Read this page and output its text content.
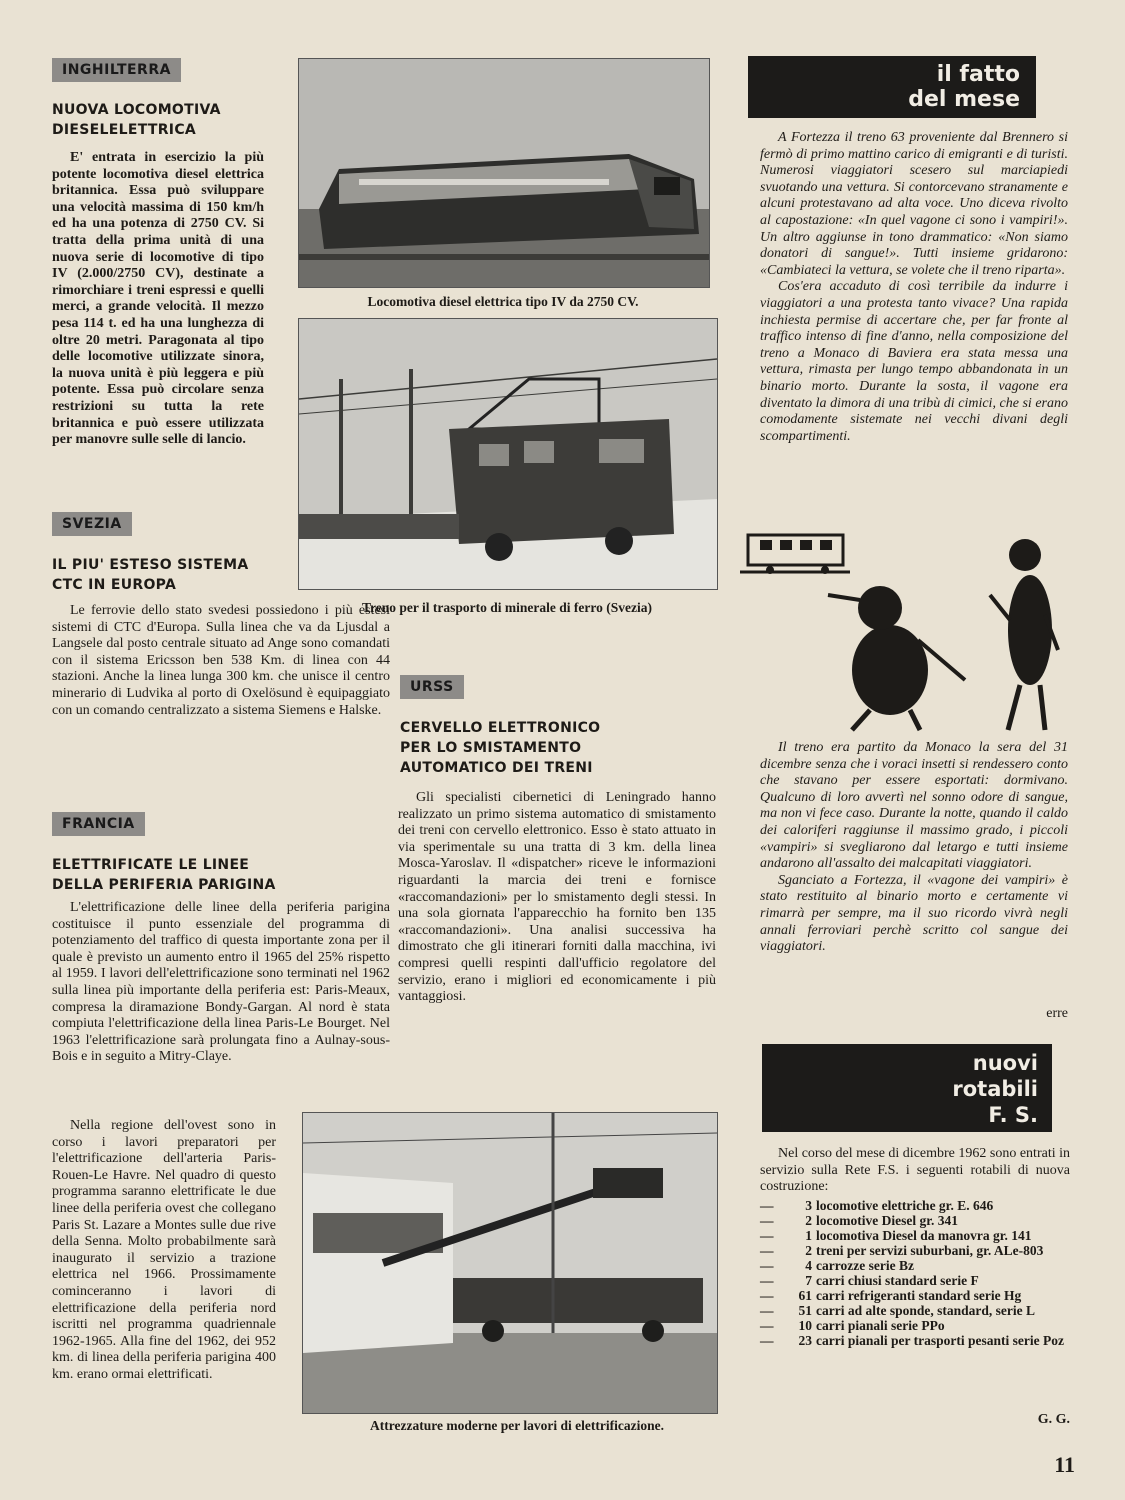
INGHILTERRA
NUOVA LOCOMOTIVA DIESELELETTRICA

E' entrata in esercizio la più potente locomotiva diesel elettrica britannica. Essa può sviluppare una velocità massima di 150 km/h ed ha una potenza di 2750 CV. Si tratta della prima unità di una nuova serie di locomotive di tipo IV (2.000/2750 CV), destinate a rimorchiare i treni espressi e quelli merci, a grande velocità. Il mezzo pesa 114 t. ed ha una lunghezza di oltre 20 metri. Paragonata al tipo delle locomotive utilizzate sinora, la nuova unità è più leggera e più potente. Essa può circolare senza restrizioni su tutta la rete britannica e può essere utilizzata per manovre sulle selle di lancio.

Locomotiva diesel elettrica tipo IV da 2750 CV.
Treno per il trasporto di minerale di ferro (Svezia)
SVEZIA
IL PIU' ESTESO SISTEMA CTC IN EUROPA

Le ferrovie dello stato svedesi possiedono i più estesi sistemi di CTC d'Europa. Sulla linea che va da Ljusdal a Langsele dal posto centrale situato ad Ange sono comandati con il sistema Ericsson ben 538 Km. di linea con 44 stazioni. Anche la linea lunga 300 km. che unisce il centro minerario di Ludvika al porto di Oxelösund è equipaggiato con un comando centralizzato a sistema Siemens e Halske.

FRANCIA
ELETTRIFICATE LE LINEE DELLA PERIFERIA PARIGINA

L'elettrificazione delle linee della periferia parigina costituisce il punto essenziale del programma di potenziamento del traffico di questa importante zona per il quale è previsto un aumento entro il 1965 del 25% rispetto al 1959. I lavori dell'elettrificazione sono terminati nel 1962 sulla linea più importante della periferia est: Paris-Meaux, compresa la diramazione Bondy-Gargan. Al nord è stata compiuta l'elettrificazione della linea Paris-Le Bourget. Nel 1963 l'elettrificazione sarà prolungata fino a Aulnay-sous-Bois e in seguito a Mitry-Claye.

Nella regione dell'ovest sono in corso i lavori preparatori per l'elettrificazione dell'arteria Paris-Rouen-Le Havre. Nel quadro di questo programma saranno elettrificate le due linee della periferia ovest che collegano Paris St. Lazare a Montes sulle due rive della Senna. Molto probabilmente sarà inaugurato il servizio a trazione elettrica nel 1966. Prossimamente cominceranno i lavori di elettrificazione della periferia nord iscritti nel programma quadriennale 1962-1965. Alla fine del 1962, dei 952 km. di linea della periferia parigina 400 km. erano ormai elettrificati.

URSS
CERVELLO ELETTRONICO PER LO SMISTAMENTO AUTOMATICO DEI TRENI

Gli specialisti cibernetici di Leningrado hanno realizzato un primo sistema automatico di smistamento dei treni con cervello elettronico. Esso è stato attuato in via sperimentale su una tratta di 3 km. della linea Mosca-Yaroslav. Il «dispatcher» riceve le informazioni riguardanti la marcia dei treni e fornisce «raccomandazioni» per lo smistamento degli stessi. In una sola giornata l'apparecchio ha fornito ben 135 «raccomandazioni». Una analisi successiva ha dimostrato che gli itinerari forniti dalla macchina, ivi compresi quelli respinti dall'ufficio regolatore del servizio, erano i migliori ed economicamente i più vantaggiosi.

Attrezzature moderne per lavori di elettrificazione.
il fatto
del mese

A Fortezza il treno 63 proveniente dal Brennero si fermò di primo mattino carico di emigranti e di turisti. Numerosi viaggiatori scesero sul marciapiedi svuotando una vettura. Si contorcevano stranamente e alcuni protestavano ad alta voce. Uno diceva rivolto al capostazione: «In quel vagone ci sono i vampiri!». Un altro aggiunse in tono drammatico: «Non siamo donatori di sangue!». Tutti insieme gridarono: «Cambiateci la vettura, se volete che il treno riparta».

Cos'era accaduto di così terribile da indurre i viaggiatori a una protesta tanto vivace? Una rapida inchiesta permise di accertare che, per far fronte al traffico intenso di fine d'anno, nella composizione del treno a Monaco di Baviera era stata messa una vettura, rimasta per lungo tempo abbandonata in un binario morto. Durante la sosta, il vagone era diventato la dimora di una tribù di cimici, che si erano comodamente sistemate nei vecchi divani degli scompartimenti.

Il treno era partito da Monaco la sera del 31 dicembre senza che i voraci insetti si rendessero conto che stavano per essere esportati: dormivano. Qualcuno di loro avvertì nel sonno odore di sangue, ma non vi fece caso. Durante la notte, quando il caldo dei caloriferi raggiunse il massimo grado, i piccoli «vampiri» si svegliarono dal letargo e tutti insieme andarono all'assalto dei malcapitati viaggiatori.

Sganciato a Fortezza, il «vagone dei vampiri» è stato restituito al binario morto e certamente vi rimarrà per sempre, ma il suo ricordo vivrà negli annali ferroviari perchè scritto col sangue dei viaggiatori.

erre
nuovi
rotabili
F. S.

Nel corso del mese di dicembre 1962 sono entrati in servizio sulla Rete F.S. i seguenti rotabili di nuova costruzione:

—	3 locomotive elettriche gr. E. 646
—	2 locomotive Diesel gr. 341
—	1 locomotiva Diesel da manovra gr. 141
—	2 treni per servizi suburbani, gr. ALe-803
—	4 carrozze serie Bz
—	7 carri chiusi standard serie F
—	61 carri refrigeranti standard serie Hg
—	51 carri ad alte sponde, standard, serie L
—	10 carri pianali serie PPo
—	23 carri pianali per trasporti pesanti serie Poz
G. G.
11
